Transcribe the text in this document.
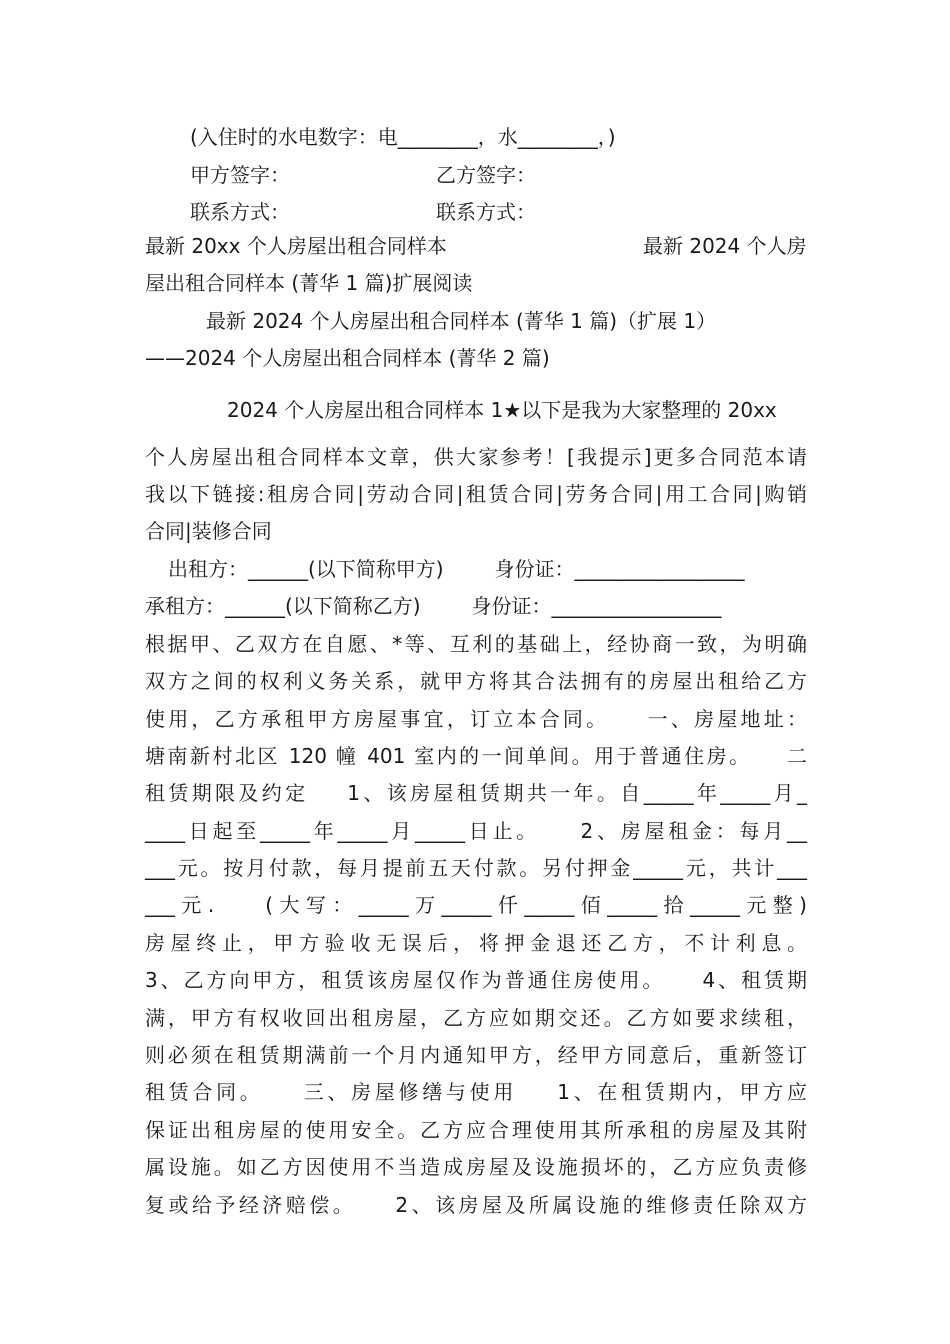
(入住时的水电数字：电________，水________，)
甲方签字：	乙方签字：
联系方式：	联系方式：
最新 20xx 个人房屋出租合同样本	最新 2024 个人房
屋出租合同样本 (菁华 1 篇)扩展阅读
最新 2024 个人房屋出租合同样本 (菁华 1 篇)（扩展 1）
——2024 个人房屋出租合同样本 (菁华 2 篇)
2024 个人房屋出租合同样本 1★以下是我为大家整理的 20xx
个人房屋出租合同样本文章，供大家参考！[我提示]更多合同范本请
我以下链接:租房合同|劳动合同|租赁合同|劳务合同|用工合同|购销
合同|装修合同
出租方：______(以下简称甲方)        身份证：_________________
承租方：______(以下简称乙方)        身份证：_________________
根据甲、乙双方在自愿、*等、互利的基础上，经协商一致，为明确
双方之间的权利义务关系，就甲方将其合法拥有的房屋出租给乙方
使用，乙方承租甲方房屋事宜，订立本合同。    一、房屋地址：
塘南新村北区 120 幢 401 室内的一间单间。用于普通住房。    二
租赁期限及约定    1、该房屋租赁期共一年。自_____年_____月_
____日起至_____年_____月_____日止。    2、房屋租金：每月__
___元。按月付款，每月提前五天付款。另付押金_____元，共计___
___元.    (大写：_____万_____仟_____佰_____拾_____元整)
房屋终止，甲方验收无误后，将押金退还乙方，不计利息。
3、乙方向甲方，租赁该房屋仅作为普通住房使用。    4、租赁期
满，甲方有权收回出租房屋，乙方应如期交还。乙方如要求续租，
则必须在租赁期满前一个月内通知甲方，经甲方同意后，重新签订
租赁合同。    三、房屋修缮与使用    1、在租赁期内，甲方应
保证出租房屋的使用安全。乙方应合理使用其所承租的房屋及其附
属设施。如乙方因使用不当造成房屋及设施损坏的，乙方应负责修
复或给予经济赔偿。    2、该房屋及所属设施的维修责任除双方
